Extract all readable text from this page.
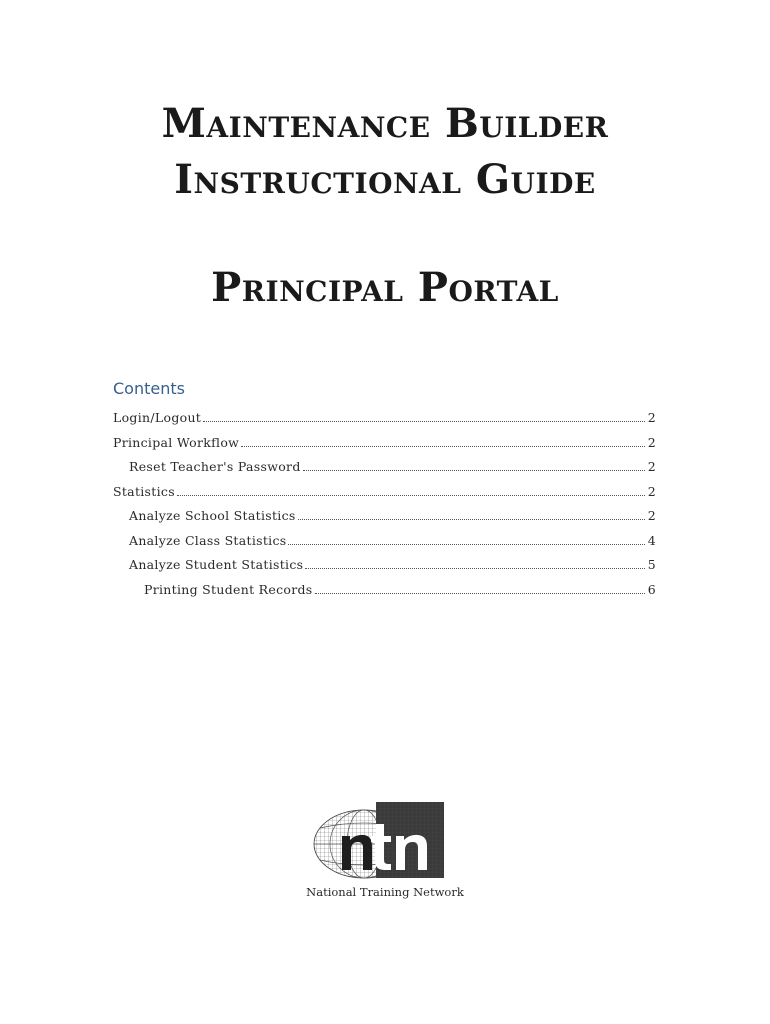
Maintenance Builder
Instructional Guide
Principal Portal
Contents
Login/Logout	2
Principal Workflow	2
Reset Teacher's Password	2
Statistics	2
Analyze School Statistics	2
Analyze Class Statistics	4
Analyze Student Statistics	5
Printing Student Records	6
National Training Network
